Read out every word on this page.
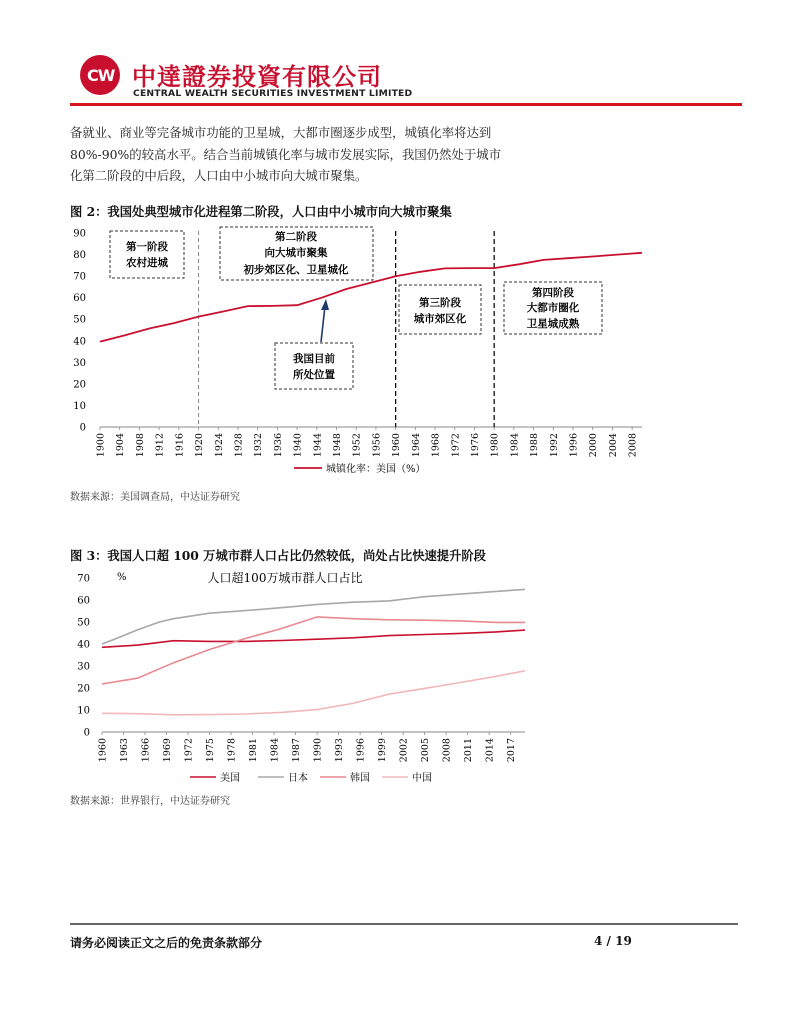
CW 中達證券投資有限公司
CENTRAL WEALTH SECURITIES INVESTMENT LIMITED

备就业、商业等完备城市功能的卫星城，大都市圈逐步成型，城镇化率将达到

80%-90%的较高水平。结合当前城镇化率与城市发展实际，我国仍然处于城市

化第二阶段的中后段，人口由中小城市向大城市聚集。

图 2：我国处典型城市化进程第二阶段，人口由中小城市向大城市聚集
0
10
20
30
40
50
60
70
80
90
1900 1904 1908 1912 1916 1920 1924 1928 1932 1936 1940 1944 1948 1952 1956 1960 1964 1968 1972 1976 1980 1984 1988 1992 1996 2000 2004 2008
第一阶段
农村进城
第二阶段
向大城市聚集
初步郊区化、卫星城化
第三阶段
城市郊区化
第四阶段
大都市圈化
卫星城成熟
我国目前
所处位置
城镇化率：美国（%）
数据来源：美国调查局，中达证券研究
图 3：我国人口超 100 万城市群人口占比仍然较低，尚处占比快速提升阶段
0
10
20
30
40
50
60
70
1960 1963 1966 1969 1972 1975 1978 1981 1984 1987 1990 1993 1996 1999 2002 2005 2008 2011 2014 2017
%	人口超100万城市群人口占比
美国	日本	韩国	中国
数据来源：世界银行，中达证券研究
请务必阅读正文之后的免责条款部分	4 / 19
